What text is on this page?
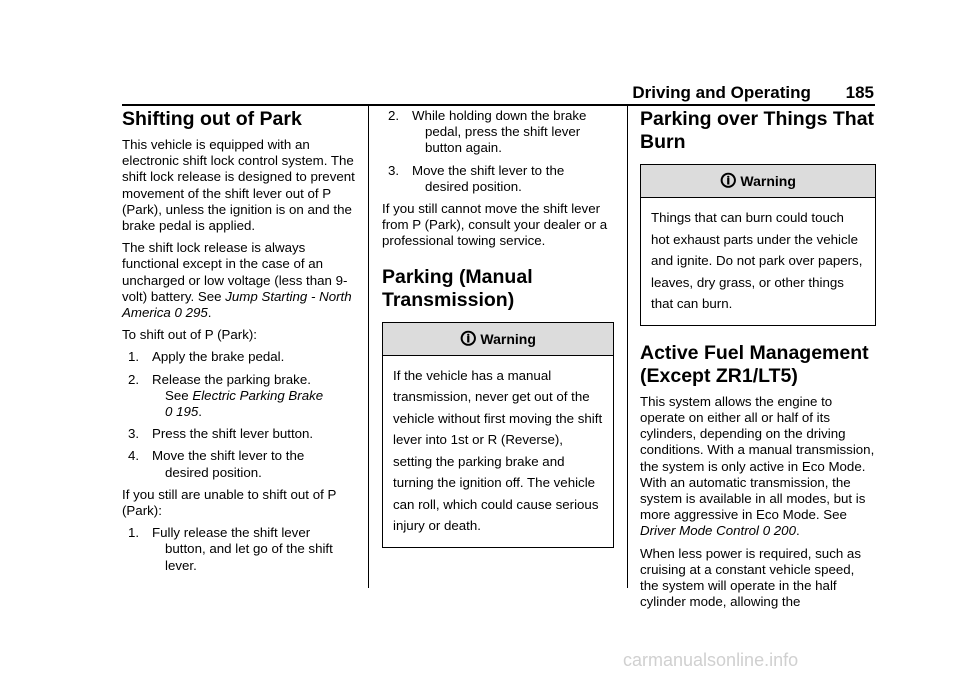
Driving and Operating 185
Shifting out of Park

This vehicle is equipped with an electronic shift lock control system. The shift lock release is designed to prevent movement of the shift lever out of P (Park), unless the ignition is on and the brake pedal is applied.

The shift lock release is always functional except in the case of an uncharged or low voltage (less than 9-volt) battery. See Jump Starting - North America 0 295.

To shift out of P (Park):

1. Apply the brake pedal.
2. Release the parking brake.
See Electric Parking Brake
0 195.
3. Press the shift lever button.
4. Move the shift lever to the
desired position.

If you still are unable to shift out of P (Park):

1. Fully release the shift lever
button, and let go of the shift lever.
2. While holding down the brake
pedal, press the shift lever button again.
3. Move the shift lever to the
desired position.

If you still cannot move the shift lever from P (Park), consult your dealer or a professional towing service.

Parking (Manual Transmission)
🛈 Warning
If the vehicle has a manual transmission, never get out of the vehicle without first moving the shift lever into 1st or R (Reverse), setting the parking brake and turning the ignition off. The vehicle can roll, which could cause serious injury or death.
Parking over Things That Burn
🛈 Warning
Things that can burn could touch hot exhaust parts under the vehicle and ignite. Do not park over papers, leaves, dry grass, or other things that can burn.
Active Fuel Management (Except ZR1/LT5)

This system allows the engine to operate on either all or half of its cylinders, depending on the driving conditions. With a manual transmission, the system is only active in Eco Mode. With an automatic transmission, the system is available in all modes, but is more aggressive in Eco Mode. See Driver Mode Control 0 200.

When less power is required, such as cruising at a constant vehicle speed, the system will operate in the half cylinder mode, allowing the

carmanualsonline.info
